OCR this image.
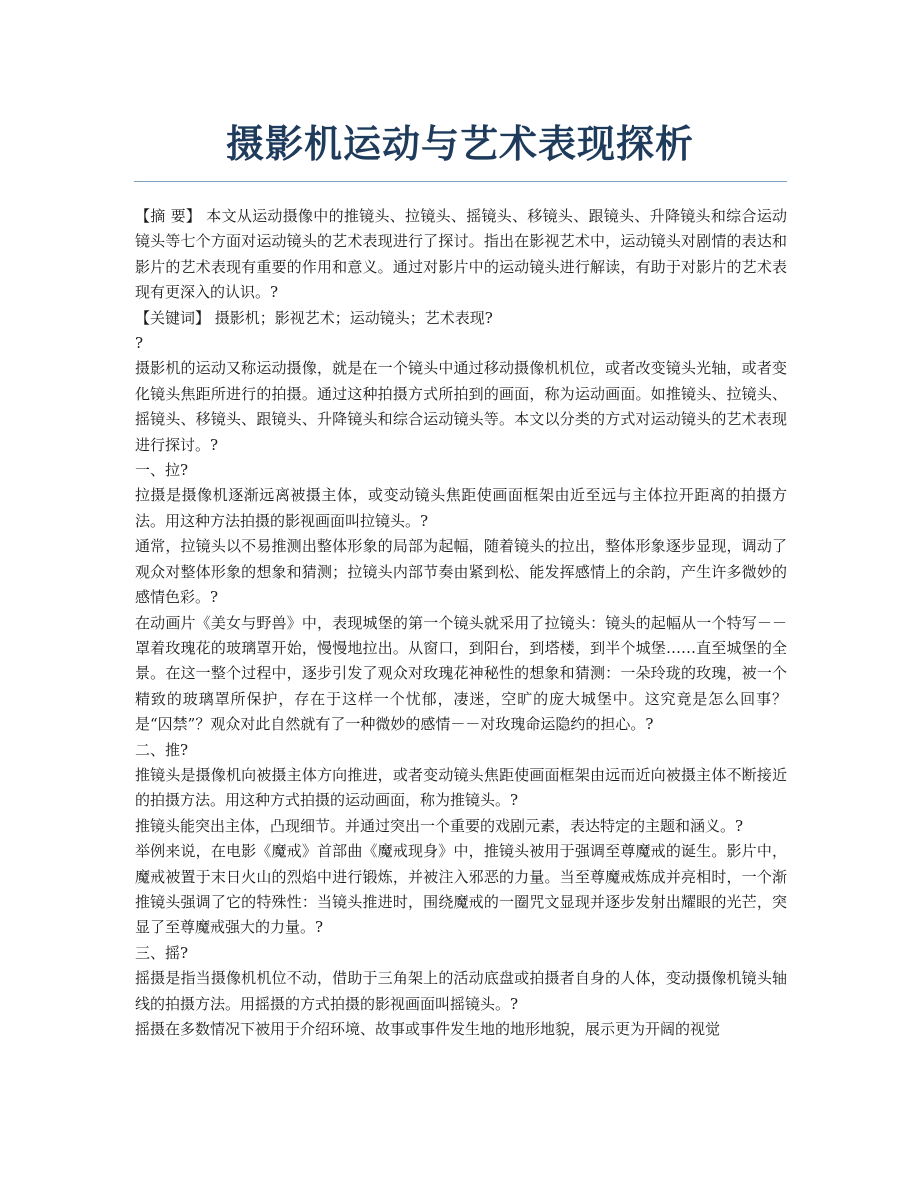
摄影机运动与艺术表现探析

【摘 要】 本文从运动摄像中的推镜头、拉镜头、摇镜头、移镜头、跟镜头、升降镜头和综合运动镜头等七个方面对运动镜头的艺术表现进行了探讨。指出在影视艺术中，运动镜头对剧情的表达和影片的艺术表现有重要的作用和意义。通过对影片中的运动镜头进行解读，有助于对影片的艺术表现有更深入的认识。?

【关键词】 摄影机；影视艺术；运动镜头；艺术表现?

?

摄影机的运动又称运动摄像，就是在一个镜头中通过移动摄像机机位，或者改变镜头光轴，或者变化镜头焦距所进行的拍摄。通过这种拍摄方式所拍到的画面，称为运动画面。如推镜头、拉镜头、摇镜头、移镜头、跟镜头、升降镜头和综合运动镜头等。本文以分类的方式对运动镜头的艺术表现进行探讨。?

一、拉?

拉摄是摄像机逐渐远离被摄主体，或变动镜头焦距使画面框架由近至远与主体拉开距离的拍摄方法。用这种方法拍摄的影视画面叫拉镜头。?

通常，拉镜头以不易推测出整体形象的局部为起幅，随着镜头的拉出，整体形象逐步显现，调动了观众对整体形象的想象和猜测；拉镜头内部节奏由紧到松、能发挥感情上的余韵，产生许多微妙的感情色彩。?

在动画片《美女与野兽》中，表现城堡的第一个镜头就采用了拉镜头：镜头的起幅从一个特写－－罩着玫瑰花的玻璃罩开始，慢慢地拉出。从窗口，到阳台，到塔楼，到半个城堡……直至城堡的全景。在这一整个过程中，逐步引发了观众对玫瑰花神秘性的想象和猜测：一朵玲珑的玫瑰，被一个精致的玻璃罩所保护，存在于这样一个忧郁，凄迷，空旷的庞大城堡中。这究竟是怎么回事？是“囚禁”？观众对此自然就有了一种微妙的感情－－对玫瑰命运隐约的担心。?

二、推?

推镜头是摄像机向被摄主体方向推进，或者变动镜头焦距使画面框架由远而近向被摄主体不断接近的拍摄方法。用这种方式拍摄的运动画面，称为推镜头。?

推镜头能突出主体，凸现细节。并通过突出一个重要的戏剧元素，表达特定的主题和涵义。?

举例来说，在电影《魔戒》首部曲《魔戒现身》中，推镜头被用于强调至尊魔戒的诞生。影片中，魔戒被置于末日火山的烈焰中进行锻炼，并被注入邪恶的力量。当至尊魔戒炼成并亮相时，一个渐推镜头强调了它的特殊性：当镜头推进时，围绕魔戒的一圈咒文显现并逐步发射出耀眼的光芒，突显了至尊魔戒强大的力量。?

三、摇?

摇摄是指当摄像机机位不动，借助于三角架上的活动底盘或拍摄者自身的人体，变动摄像机镜头轴线的拍摄方法。用摇摄的方式拍摄的影视画面叫摇镜头。?

摇摄在多数情况下被用于介绍环境、故事或事件发生地的地形地貌，展示更为开阔的视觉
